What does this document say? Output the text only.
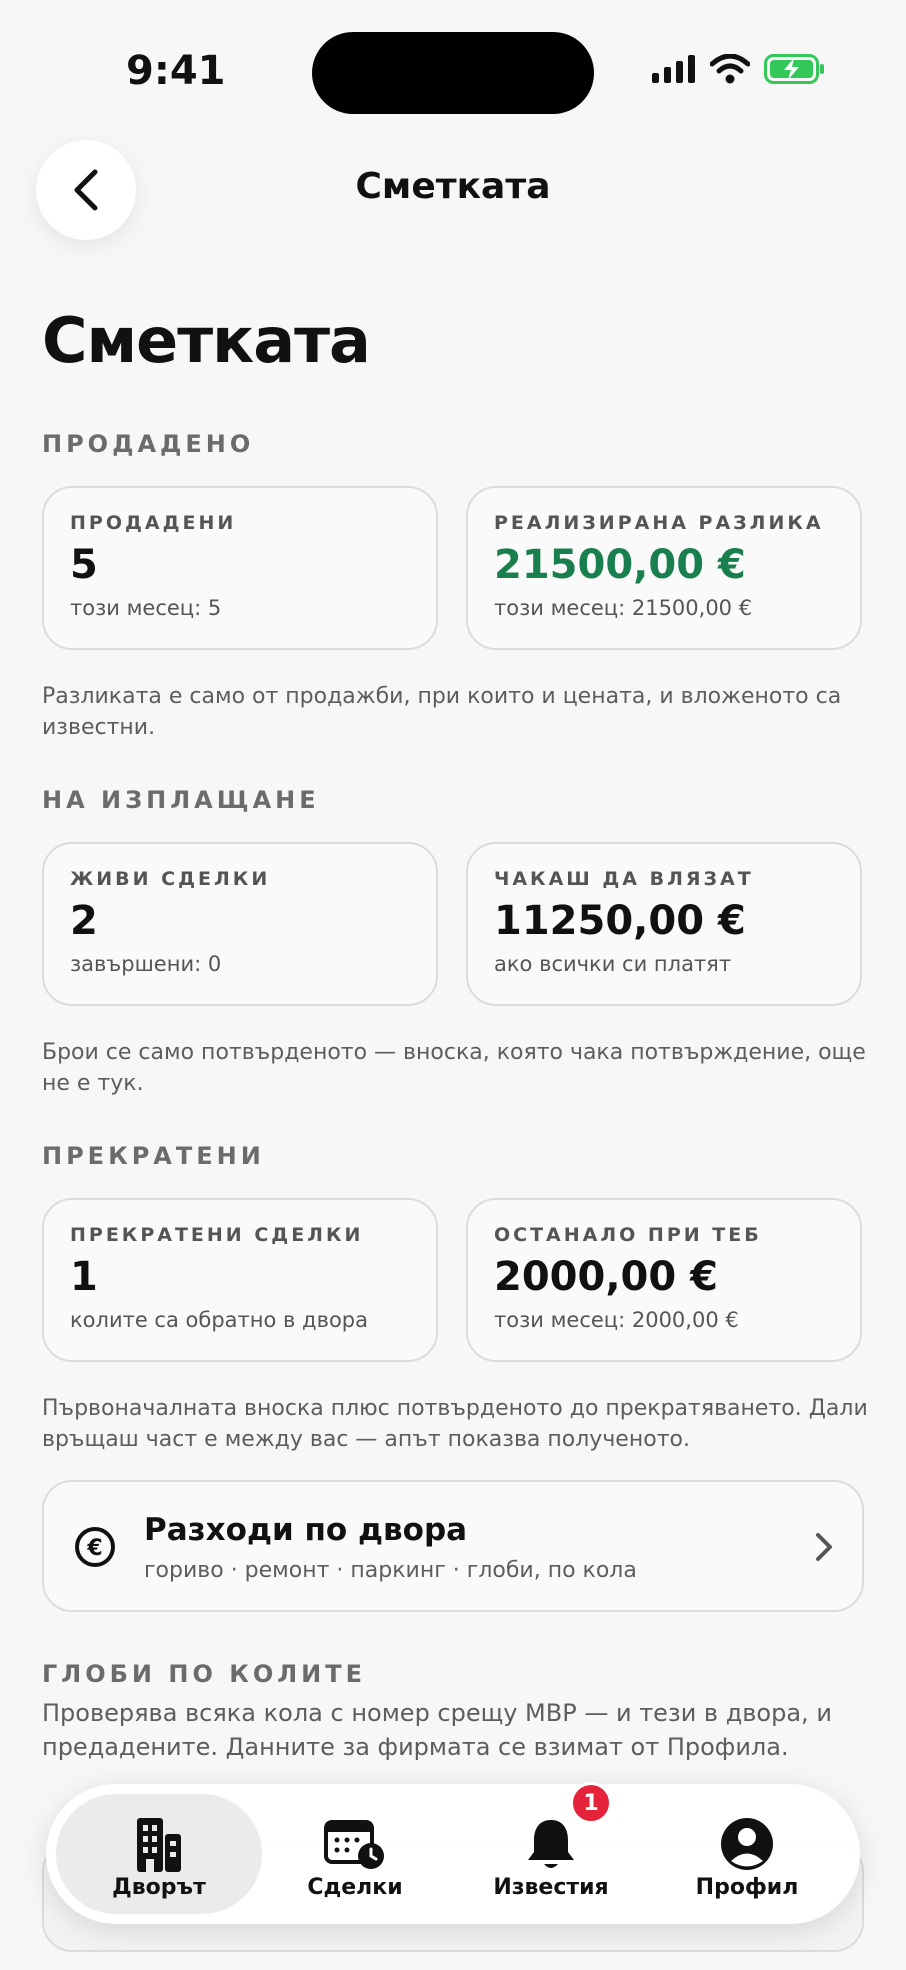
9:41
Сметката
Сметката
ПРОДАДЕНО
ПРОДАДЕНИ
5
този месец: 5
РЕАЛИЗИРАНА РАЗЛИКА
21500,00 €
този месец: 21500,00 €
Разликата е само от продажби, при които и цената, и вложеното са известни.
НА ИЗПЛАЩАНЕ
ЖИВИ СДЕЛКИ
2
завършени: 0
ЧАКАШ ДА ВЛЯЗАТ
11250,00 €
ако всички си платят
Брои се само потвърденото — вноска, която чака потвърждение, още не е тук.
ПРЕКРАТЕНИ
ПРЕКРАТЕНИ СДЕЛКИ
1
колите са обратно в двора
ОСТАНАЛО ПРИ ТЕБ
2000,00 €
този месец: 2000,00 €
Първоначалната вноска плюс потвърденото до прекратяването. Дали връщаш част е между вас — апът показва полученото.
€
Разходи по двора
гориво · ремонт · паркинг · глоби, по кола
ГЛОБИ ПО КОЛИТЕ
Проверява всяка кола с номер срещу МВР — и тези в двора, и предадените. Данните за фирмата се взимат от Профила.
Дворът	Сделки	Известия	Профил
1
